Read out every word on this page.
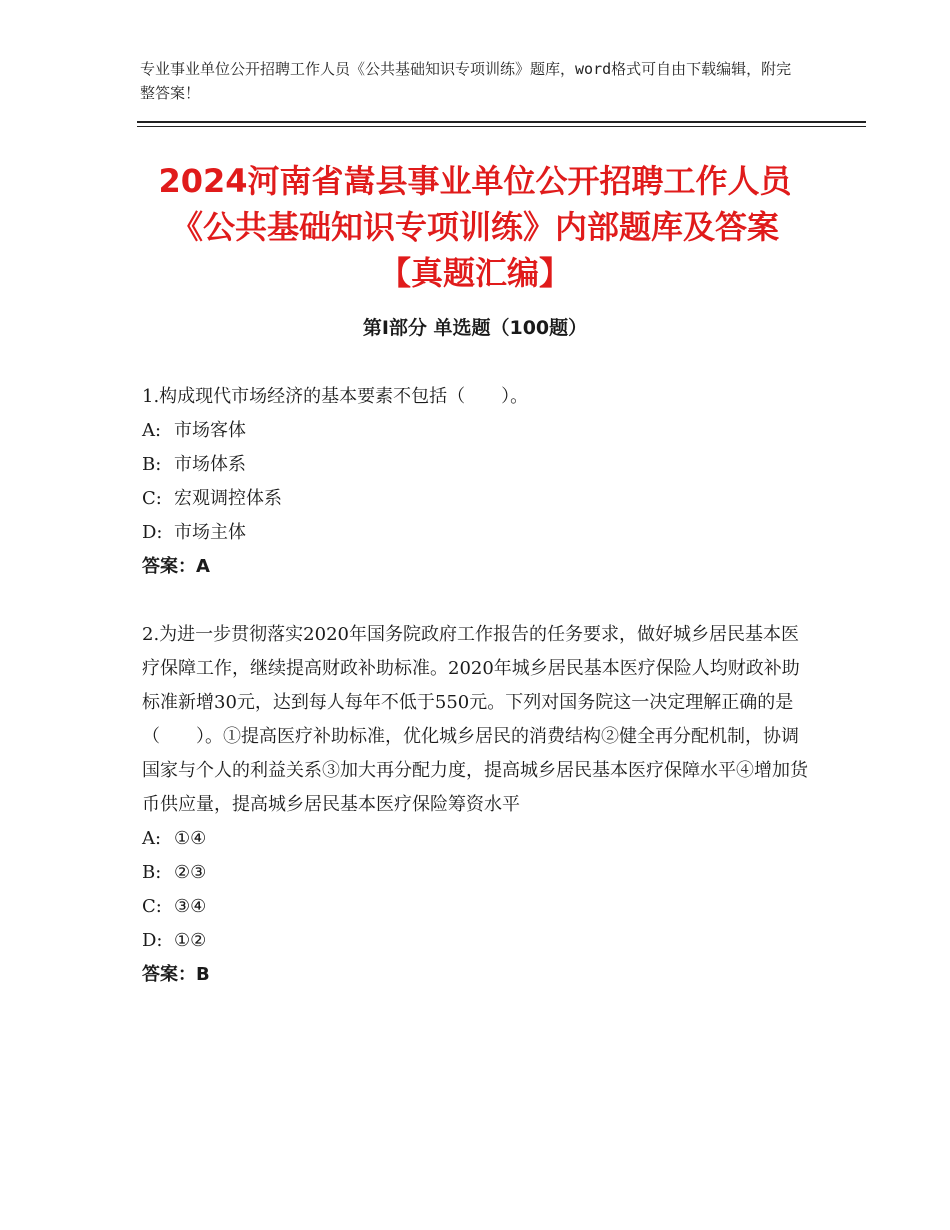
专业事业单位公开招聘工作人员《公共基础知识专项训练》题库，word格式可自由下载编辑，附完整答案！
2024河南省嵩县事业单位公开招聘工作人员
《公共基础知识专项训练》内部题库及答案
【真题汇编】
第Ⅰ部分 单选题（100题）
1.构成现代市场经济的基本要素不包括（　　）。
A: 市场客体
B: 市场体系
C: 宏观调控体系
D: 市场主体
答案：A
2.为进一步贯彻落实2020年国务院政府工作报告的任务要求，做好城乡居民基本医疗保障工作，继续提高财政补助标准。2020年城乡居民基本医疗保险人均财政补助标准新增30元，达到每人每年不低于550元。下列对国务院这一决定理解正确的是（　　）。①提高医疗补助标准，优化城乡居民的消费结构②健全再分配机制，协调国家与个人的利益关系③加大再分配力度，提高城乡居民基本医疗保障水平④增加货币供应量，提高城乡居民基本医疗保险筹资水平
A: ①④
B: ②③
C: ③④
D: ①②
答案：B
